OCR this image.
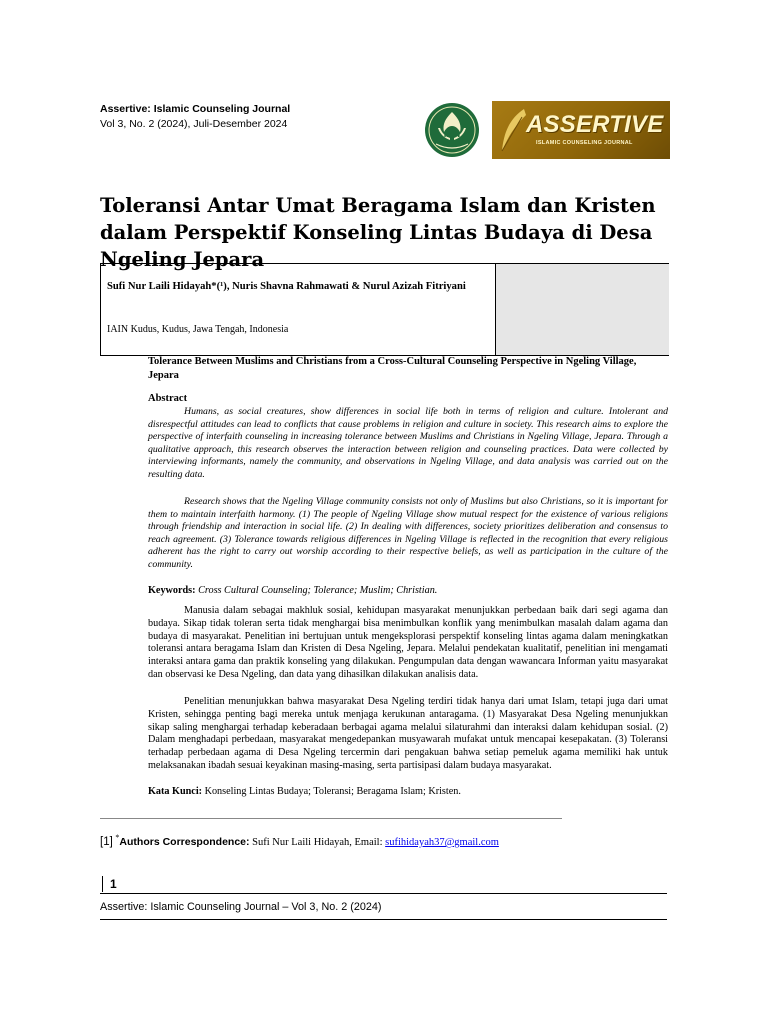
Assertive: Islamic Counseling Journal
Vol 3, No. 2 (2024), Juli-Desember 2024
IAIN	ASSERTIVE
ISLAMIC COUNSELING JOURNAL
Toleransi Antar Umat Beragama Islam dan Kristen dalam Perspektif Konseling Lintas Budaya di Desa Ngeling Jepara
Sufi Nur Laili Hidayah*(¹), Nuris Shavna Rahmawati & Nurul Azizah Fitriyani
IAIN Kudus, Kudus, Jawa Tengah, Indonesia
Tolerance Between Muslims and Christians from a Cross-Cultural Counseling Perspective in Ngeling Village, Jepara
Abstract
Humans, as social creatures, show differences in social life both in terms of religion and culture. Intolerant and disrespectful attitudes can lead to conflicts that cause problems in religion and culture in society. This research aims to explore the perspective of interfaith counseling in increasing tolerance between Muslims and Christians in Ngeling Village, Jepara. Through a qualitative approach, this research observes the interaction between religion and counseling practices. Data were collected by interviewing informants, namely the community, and observations in Ngeling Village, and data analysis was carried out on the resulting data.
Research shows that the Ngeling Village community consists not only of Muslims but also Christians, so it is important for them to maintain interfaith harmony. (1) The people of Ngeling Village show mutual respect for the existence of various religions through friendship and interaction in social life. (2) In dealing with differences, society prioritizes deliberation and consensus to reach agreement. (3) Tolerance towards religious differences in Ngeling Village is reflected in the recognition that every religious adherent has the right to carry out worship according to their respective beliefs, as well as participation in the culture of the community.
Keywords: Cross Cultural Counseling; Tolerance; Muslim; Christian.
Manusia dalam sebagai makhluk sosial, kehidupan masyarakat menunjukkan perbedaan baik dari segi agama dan budaya. Sikap tidak toleran serta tidak menghargai bisa menimbulkan konflik yang menimbulkan masalah dalam agama dan budaya di masyarakat. Penelitian ini bertujuan untuk mengeksplorasi perspektif konseling lintas agama dalam meningkatkan toleransi antara beragama Islam dan Kristen di Desa Ngeling, Jepara. Melalui pendekatan kualitatif, penelitian ini mengamati interaksi antara gama dan praktik konseling yang dilakukan. Pengumpulan data dengan wawancara Informan yaitu masyarakat dan observasi ke Desa Ngeling, dan data yang dihasilkan dilakukan analisis data.
Penelitian menunjukkan bahwa masyarakat Desa Ngeling terdiri tidak hanya dari umat Islam, tetapi juga dari umat Kristen, sehingga penting bagi mereka untuk menjaga kerukunan antaragama. (1) Masyarakat Desa Ngeling menunjukkan sikap saling menghargai terhadap keberadaan berbagai agama melalui silaturahmi dan interaksi dalam kehidupan sosial. (2) Dalam menghadapi perbedaan, masyarakat mengedepankan musyawarah mufakat untuk mencapai kesepakatan. (3) Toleransi terhadap perbedaan agama di Desa Ngeling tercermin dari pengakuan bahwa setiap pemeluk agama memiliki hak untuk melaksanakan ibadah sesuai keyakinan masing-masing, serta partisipasi dalam budaya masyarakat.
Kata Kunci: Konseling Lintas Budaya; Toleransi; Beragama Islam; Kristen.
[1] *Authors Correspondence: Sufi Nur Laili Hidayah, Email: sufihidayah37@gmail.com
1
Assertive: Islamic Counseling Journal – Vol 3, No. 2 (2024)
